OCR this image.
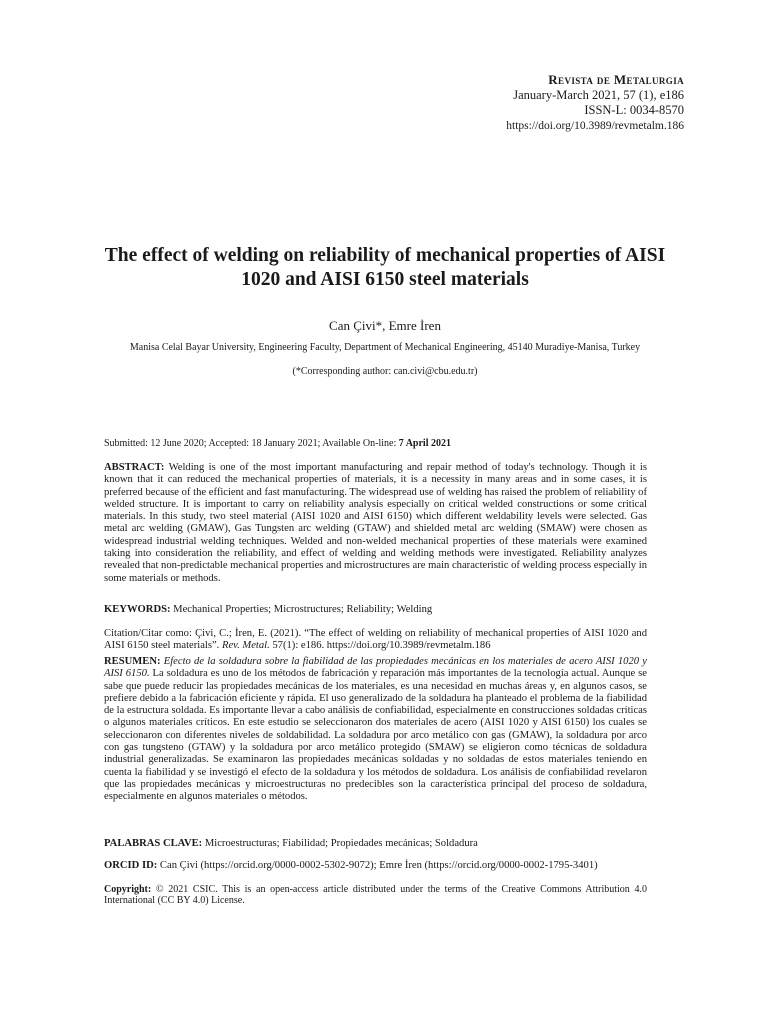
Revista de Metalurgia
January-March 2021, 57 (1), e186
ISSN-L: 0034-8570
https://doi.org/10.3989/revmetalm.186
The effect of welding on reliability of mechanical properties of AISI 1020 and AISI 6150 steel materials
Can Çivi*, Emre İren
Manisa Celal Bayar University, Engineering Faculty, Department of Mechanical Engineering, 45140 Muradiye-Manisa, Turkey
(*Corresponding author: can.civi@cbu.edu.tr)
Submitted: 12 June 2020; Accepted: 18 January 2021; Available On-line: 7 April 2021
ABSTRACT: Welding is one of the most important manufacturing and repair method of today's technology. Though it is known that it can reduced the mechanical properties of materials, it is a necessity in many areas and in some cases, it is preferred because of the efficient and fast manufacturing. The widespread use of welding has raised the problem of reliability of welded structure. It is important to carry on reliability analysis especially on critical welded constructions or some critical materials. In this study, two steel material (AISI 1020 and AISI 6150) which different weldability levels were selected. Gas metal arc welding (GMAW), Gas Tungsten arc welding (GTAW) and shielded metal arc welding (SMAW) were chosen as widespread industrial welding techniques. Welded and non-welded mechanical properties of these materials were examined taking into consideration the reliability, and effect of welding and welding methods were investigated. Reliability analyzes revealed that non-predictable mechanical properties and microstructures are main characteristic of welding process especially in some materials or methods.
KEYWORDS: Mechanical Properties; Microstructures; Reliability; Welding
Citation/Citar como: Çivi, C.; İren, E. (2021). “The effect of welding on reliability of mechanical properties of AISI 1020 and AISI 6150 steel materials”. Rev. Metal. 57(1): e186. https://doi.org/10.3989/revmetalm.186
RESUMEN: Efecto de la soldadura sobre la fiabilidad de las propiedades mecánicas en los materiales de acero AISI 1020 y AISI 6150. La soldadura es uno de los métodos de fabricación y reparación más importantes de la tecnología actual. Aunque se sabe que puede reducir las propiedades mecánicas de los materiales, es una necesidad en muchas áreas y, en algunos casos, se prefiere debido a la fabricación eficiente y rápida. El uso generalizado de la soldadura ha planteado el problema de la fiabilidad de la estructura soldada. Es importante llevar a cabo análisis de confiabilidad, especialmente en construcciones soldadas críticas o algunos materiales críticos. En este estudio se seleccionaron dos materiales de acero (AISI 1020 y AISI 6150) los cuales se seleccionaron con diferentes niveles de soldabilidad. La soldadura por arco metálico con gas (GMAW), la soldadura por arco con gas tungsteno (GTAW) y la soldadura por arco metálico protegido (SMAW) se eligieron como técnicas de soldadura industrial generalizadas. Se examinaron las propiedades mecánicas soldadas y no soldadas de estos materiales teniendo en cuenta la fiabilidad y se investigó el efecto de la soldadura y los métodos de soldadura. Los análisis de confiabilidad revelaron que las propiedades mecánicas y microestructuras no predecibles son la característica principal del proceso de soldadura, especialmente en algunos materiales o métodos.
PALABRAS CLAVE: Microestructuras; Fiabilidad; Propiedades mecánicas; Soldadura
ORCID ID: Can Çivi (https://orcid.org/0000-0002-5302-9072); Emre İren (https://orcid.org/0000-0002-1795-3401)
Copyright: © 2021 CSIC. This is an open-access article distributed under the terms of the Creative Commons Attribution 4.0 International (CC BY 4.0) License.
